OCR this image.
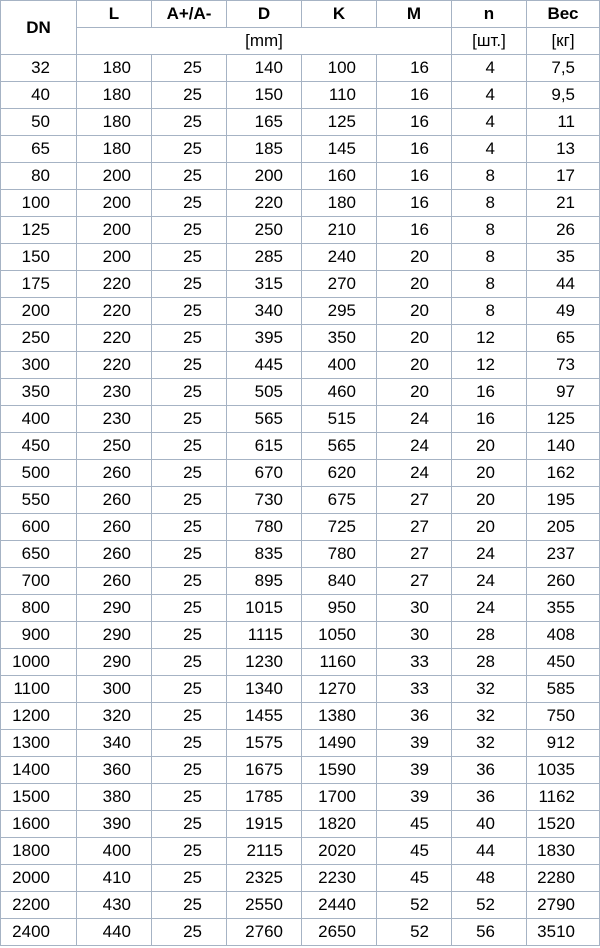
DN	L	A+/A-	D	K	M	n	Вес
	[mm]					[шт.]	[кг]
32	180	25	140	100	16	4	7,5
40	180	25	150	110	16	4	9,5
50	180	25	165	125	16	4	11
65	180	25	185	145	16	4	13
80	200	25	200	160	16	8	17
100	200	25	220	180	16	8	21
125	200	25	250	210	16	8	26
150	200	25	285	240	20	8	35
175	220	25	315	270	20	8	44
200	220	25	340	295	20	8	49
250	220	25	395	350	20	12	65
300	220	25	445	400	20	12	73
350	230	25	505	460	20	16	97
400	230	25	565	515	24	16	125
450	250	25	615	565	24	20	140
500	260	25	670	620	24	20	162
550	260	25	730	675	27	20	195
600	260	25	780	725	27	20	205
650	260	25	835	780	27	24	237
700	260	25	895	840	27	24	260
800	290	25	1015	950	30	24	355
900	290	25	1115	1050	30	28	408
1000	290	25	1230	1160	33	28	450
1100	300	25	1340	1270	33	32	585
1200	320	25	1455	1380	36	32	750
1300	340	25	1575	1490	39	32	912
1400	360	25	1675	1590	39	36	1035
1500	380	25	1785	1700	39	36	1162
1600	390	25	1915	1820	45	40	1520
1800	400	25	2115	2020	45	44	1830
2000	410	25	2325	2230	45	48	2280
2200	430	25	2550	2440	52	52	2790
2400	440	25	2760	2650	52	56	3510
